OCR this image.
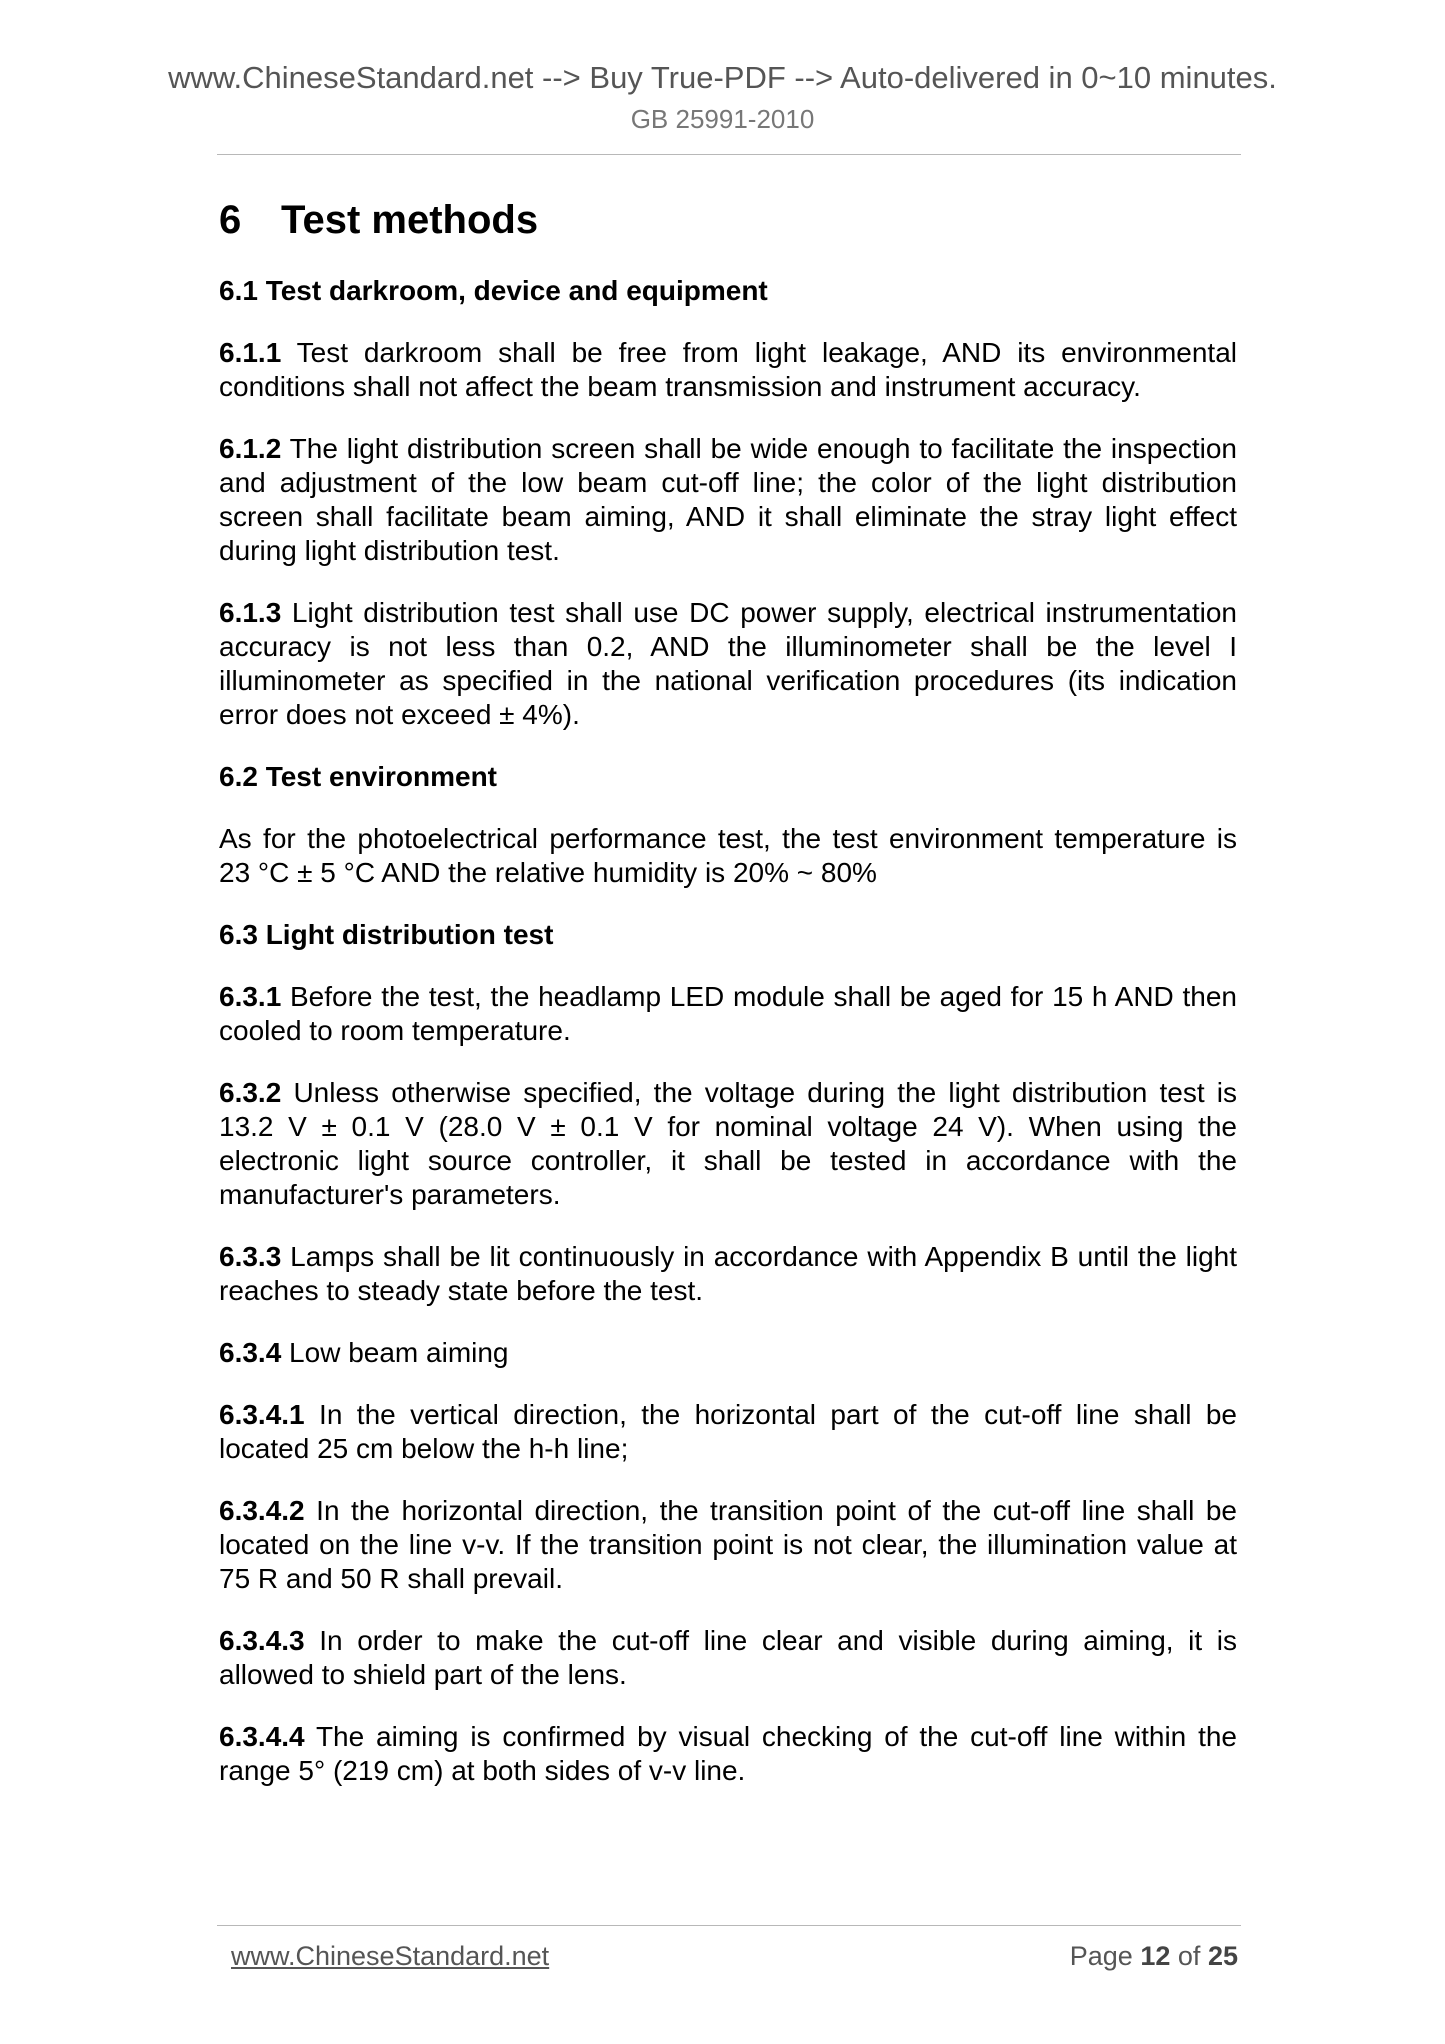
www.ChineseStandard.net --> Buy True-PDF --> Auto-delivered in 0~10 minutes.
GB 25991-2010
6 Test methods
6.1 Test darkroom, device and equipment

6.1.1 Test darkroom shall be free from light leakage, AND its environmental conditions shall not affect the beam transmission and instrument accuracy.

6.1.2 The light distribution screen shall be wide enough to facilitate the inspection and adjustment of the low beam cut-off line; the color of the light distribution screen shall facilitate beam aiming, AND it shall eliminate the stray light effect during light distribution test.

6.1.3 Light distribution test shall use DC power supply, electrical instrumentation accuracy is not less than 0.2, AND the illuminometer shall be the level I illuminometer as specified in the national verification procedures (its indication error does not exceed ± 4%).

6.2 Test environment

As for the photoelectrical performance test, the test environment temperature is 23 °C ± 5 °C AND the relative humidity is 20% ~ 80%

6.3 Light distribution test

6.3.1 Before the test, the headlamp LED module shall be aged for 15 h AND then cooled to room temperature.

6.3.2 Unless otherwise specified, the voltage during the light distribution test is 13.2 V ± 0.1 V (28.0 V ± 0.1 V for nominal voltage 24 V). When using the electronic light source controller, it shall be tested in accordance with the manufacturer's parameters.

6.3.3 Lamps shall be lit continuously in accordance with Appendix B until the light reaches to steady state before the test.

6.3.4 Low beam aiming

6.3.4.1 In the vertical direction, the horizontal part of the cut-off line shall be located 25 cm below the h-h line;

6.3.4.2 In the horizontal direction, the transition point of the cut-off line shall be located on the line v-v. If the transition point is not clear, the illumination value at 75 R and 50 R shall prevail.

6.3.4.3 In order to make the cut-off line clear and visible during aiming, it is allowed to shield part of the lens.

6.3.4.4 The aiming is confirmed by visual checking of the cut-off line within the range 5° (219 cm) at both sides of v-v line.

www.ChineseStandard.net	Page 12 of 25
